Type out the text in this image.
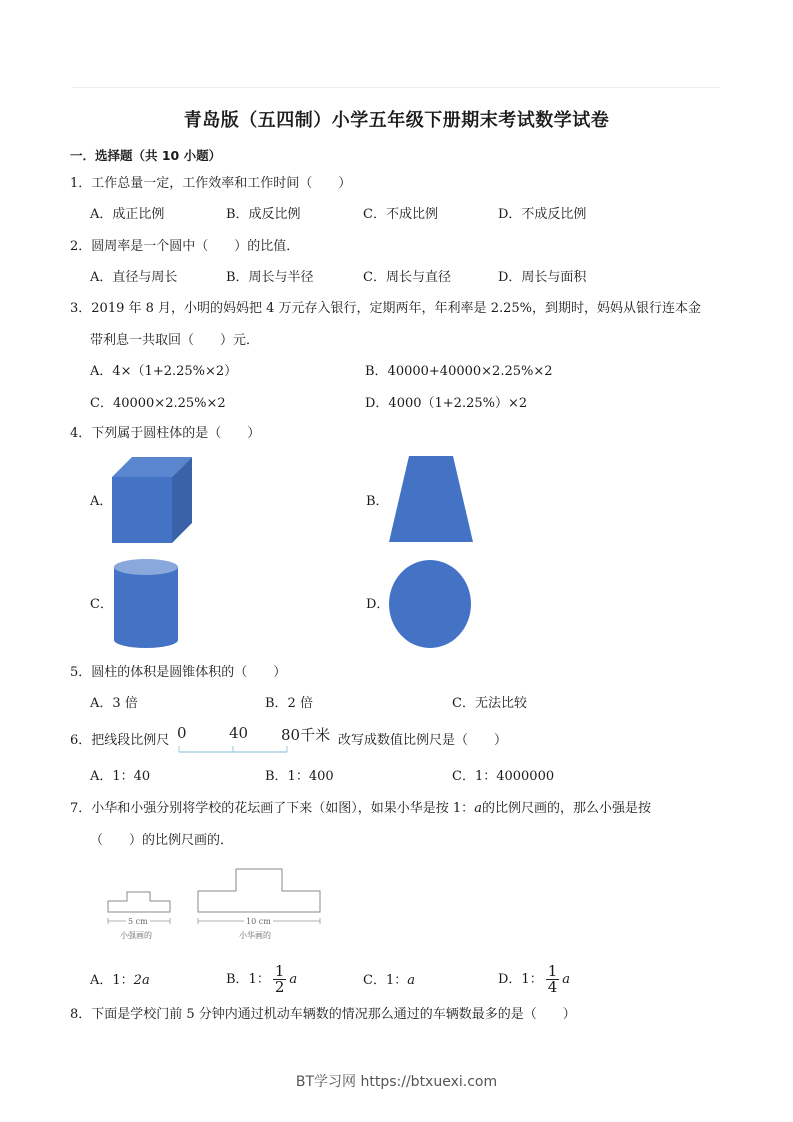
青岛版（五四制）小学五年级下册期末考试数学试卷
一．选择题（共 10 小题）
1．工作总量一定，工作效率和工作时间（　　）
A．成正比例	B．成反比例	C．不成比例	D．不成反比例
2．圆周率是一个圆中（　　）的比值．
A．直径与周长	B．周长与半径	C．周长与直径	D．周长与面积
3．2019 年 8 月，小明的妈妈把 4 万元存入银行，定期两年，年利率是 2.25%，到期时，妈妈从银行连本金
带利息一共取回（　　）元．
A．4×（1+2.25%×2）	B．40000+40000×2.25%×2
C．40000×2.25%×2	D．4000（1+2.25%）×2
4．下列属于圆柱体的是（　　）
A．	B．
C．	D．
5．圆柱的体积是圆锥体积的（　　）
A．3 倍	B．2 倍	C．无法比较
6．把线段比例尺 0	40 80千米 改写成数值比例尺是（　　）
A．1：40	B．1：400	C．1：4000000
7．小华和小强分别将学校的花坛画了下来（如图），如果小华是按 1：a的比例尺画的，那么小强是按
（　　）的比例尺画的．
5 cm
小强画的
10 cm
小华画的
A．1：2a	B．1： $\frac{1}{2}$ a	C．1：a	D．1： $\frac{1}{4}$ a
8．下面是学校门前 5 分钟内通过机动车辆数的情况那么通过的车辆数最多的是（　　）
BT学习网 https://btxuexi.com
